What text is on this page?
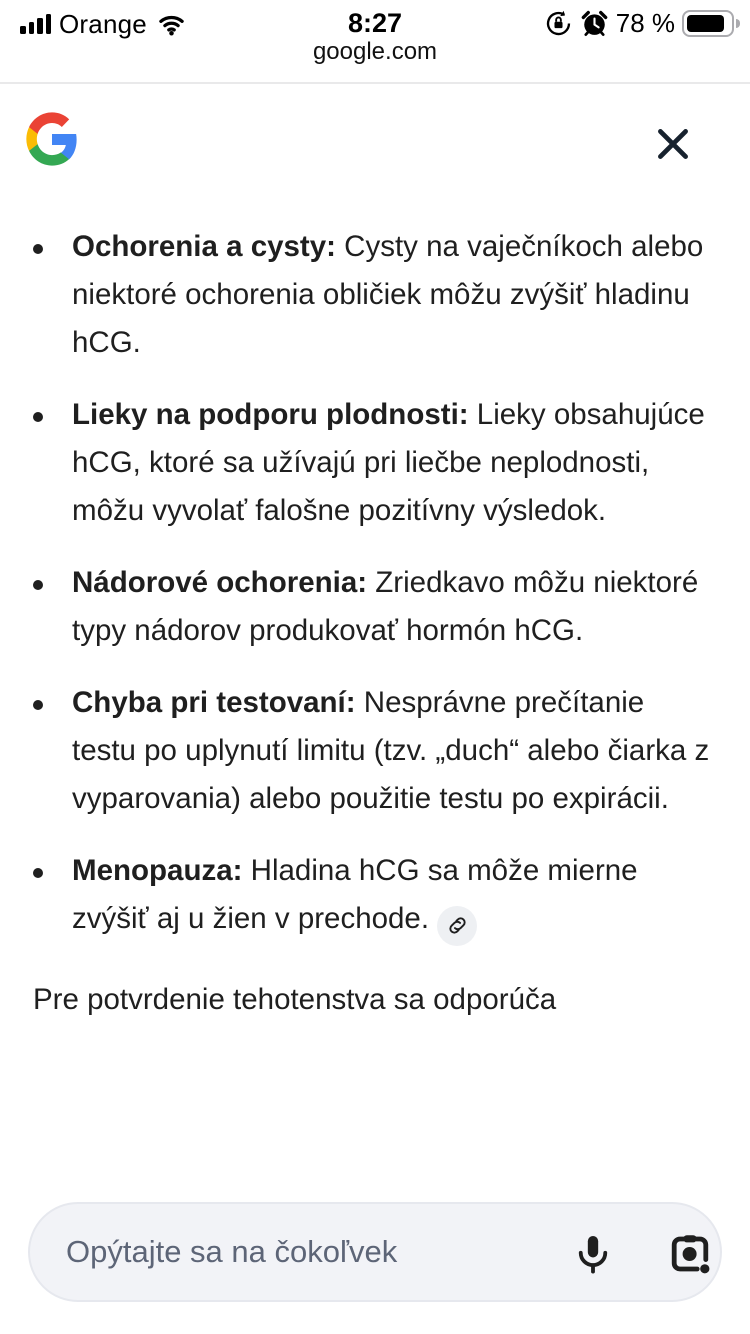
Orange	8:27	78 %
google.com
Ochorenia a cysty: Cysty na vaječníkoch alebo niektoré ochorenia obličiek môžu zvýšiť hladinu hCG.
Lieky na podporu plodnosti: Lieky obsahujúce hCG, ktoré sa užívajú pri liečbe neplodnosti, môžu vyvolať falošne pozitívny výsledok.
Nádorové ochorenia: Zriedkavo môžu niektoré typy nádorov produkovať hormón hCG.
Chyba pri testovaní: Nesprávne prečítanie testu po uplynutí limitu (tzv. „duch“ alebo čiarka z vyparovania) alebo použitie testu po expirácii.
Menopauza: Hladina hCG sa môže mierne zvýšiť aj u žien v prechode.
Pre potvrdenie tehotenstva sa odporúča
Opýtajte sa na čokoľvek
